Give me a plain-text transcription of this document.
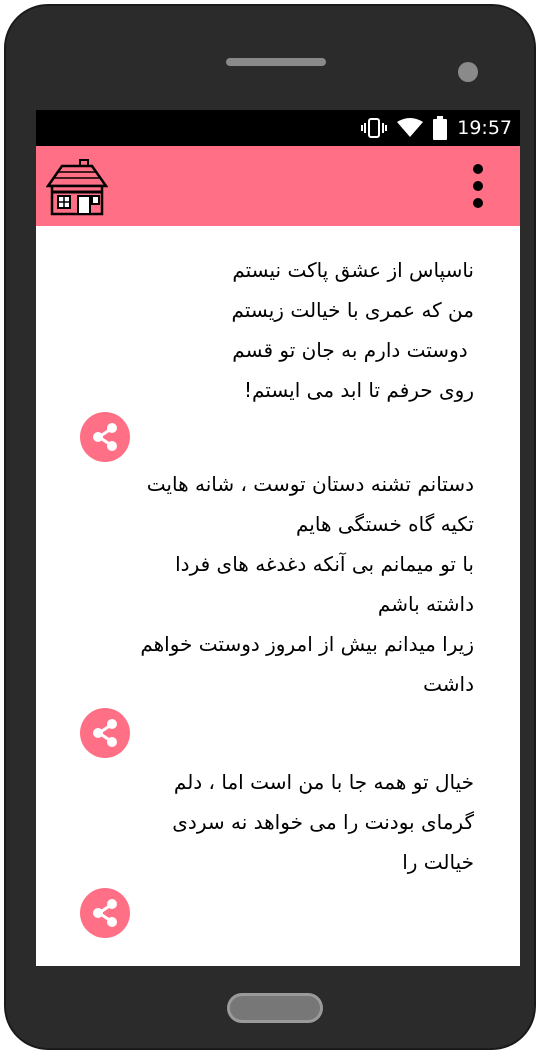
19:57
ناسپاس از عشق پاکت نیستم
من که عمری با خیالت زیستم
دوستت دارم به جان تو قسم
روی حرفم تا ابد می ایستم!
دستانم تشنه دستان توست ، شانه هایت
تکیه گاه خستگی هایم
با تو میمانم بی آنکه دغدغه های فردا
داشته باشم
زیرا میدانم بیش از امروز دوستت خواهم
داشت
خیال تو همه جا با من است اما ، دلم
گرمای بودنت را می خواهد نه سردی
خیالت را
